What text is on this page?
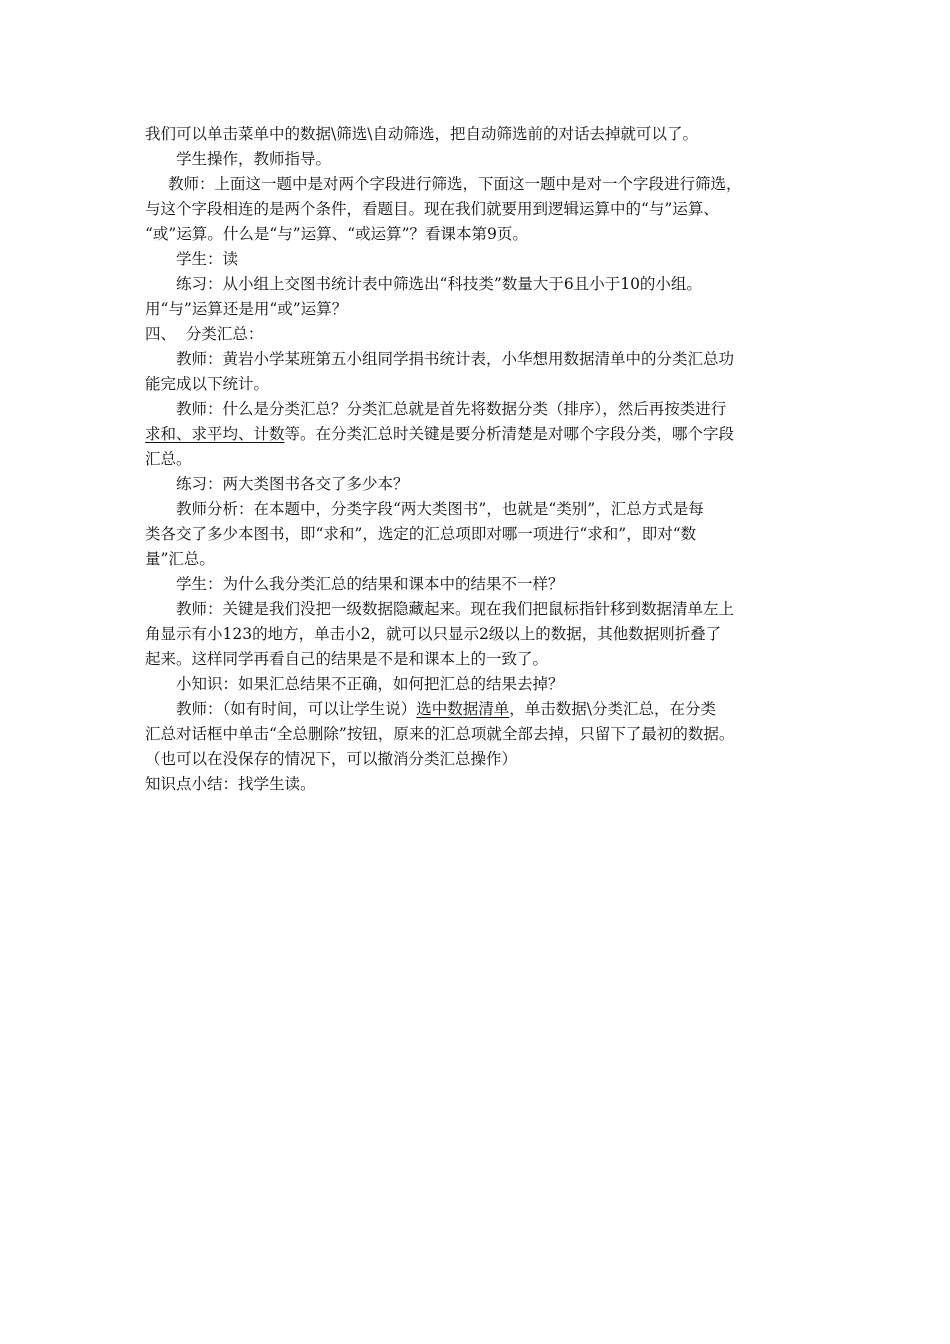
我们可以单击菜单中的数据\筛选\自动筛选，把自动筛选前的对话去掉就可以了。
学生操作，教师指导。
教师：上面这一题中是对两个字段进行筛选，下面这一题中是对一个字段进行筛选，
与这个字段相连的是两个条件，看题目。现在我们就要用到逻辑运算中的“与”运算、
“或”运算。什么是“与”运算、“或运算”？看课本第9页。
学生：读
练习：从小组上交图书统计表中筛选出“科技类”数量大于6且小于10的小组。
用“与”运算还是用“或”运算？
四、  分类汇总：
教师：黄岩小学某班第五小组同学捐书统计表，小华想用数据清单中的分类汇总功
能完成以下统计。
教师：什么是分类汇总？分类汇总就是首先将数据分类（排序），然后再按类进行
求和、求平均、计数等。在分类汇总时关键是要分析清楚是对哪个字段分类，哪个字段
汇总。
练习：两大类图书各交了多少本？
教师分析：在本题中，分类字段“两大类图书”，也就是“类别”，汇总方式是每
类各交了多少本图书，即“求和”，选定的汇总项即对哪一项进行“求和”，即对“数
量”汇总。
学生：为什么我分类汇总的结果和课本中的结果不一样？
教师：关键是我们没把一级数据隐藏起来。现在我们把鼠标指针移到数据清单左上
角显示有小123的地方，单击小2，就可以只显示2级以上的数据，其他数据则折叠了
起来。这样同学再看自己的结果是不是和课本上的一致了。
小知识：如果汇总结果不正确，如何把汇总的结果去掉？
教师：（如有时间，可以让学生说）选中数据清单，单击数据\分类汇总，在分类
汇总对话框中单击“全总删除”按钮，原来的汇总项就全部去掉，只留下了最初的数据。
（也可以在没保存的情况下，可以撤消分类汇总操作）
知识点小结：找学生读。
